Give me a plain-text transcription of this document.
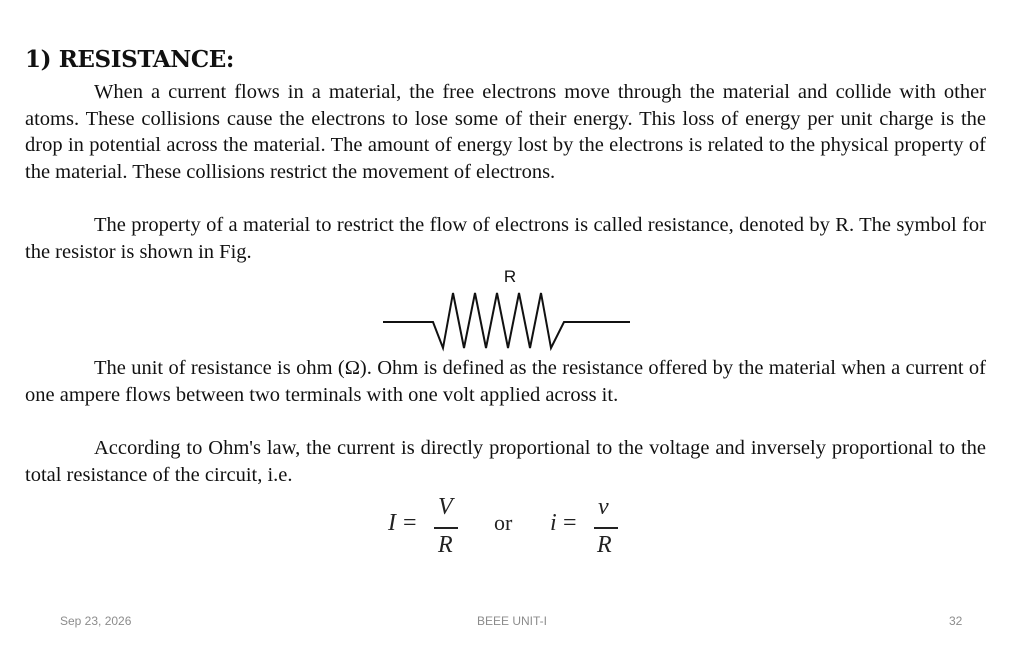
1) RESISTANCE:

When a current flows in a material, the free electrons move through the material and collide with other atoms. These collisions cause the electrons to lose some of their energy. This loss of energy per unit charge is the drop in potential across the material. The amount of energy lost by the electrons is related to the physical property of the material. These collisions restrict the movement of electrons.

The property of a material to restrict the flow of electrons is called resistance, denoted by R. The symbol for the resistor is shown in Fig.

R

The unit of resistance is ohm (Ω). Ohm is defined as the resistance offered by the material when a current of one ampere flows between two terminals with one volt applied across it.

According to Ohm's law, the current is directly proportional to the voltage and inversely proportional to the total resistance of the circuit, i.e.

I =
V
R
or i =
v
R
Sep 23, 2026	BEEE UNIT-I	32
